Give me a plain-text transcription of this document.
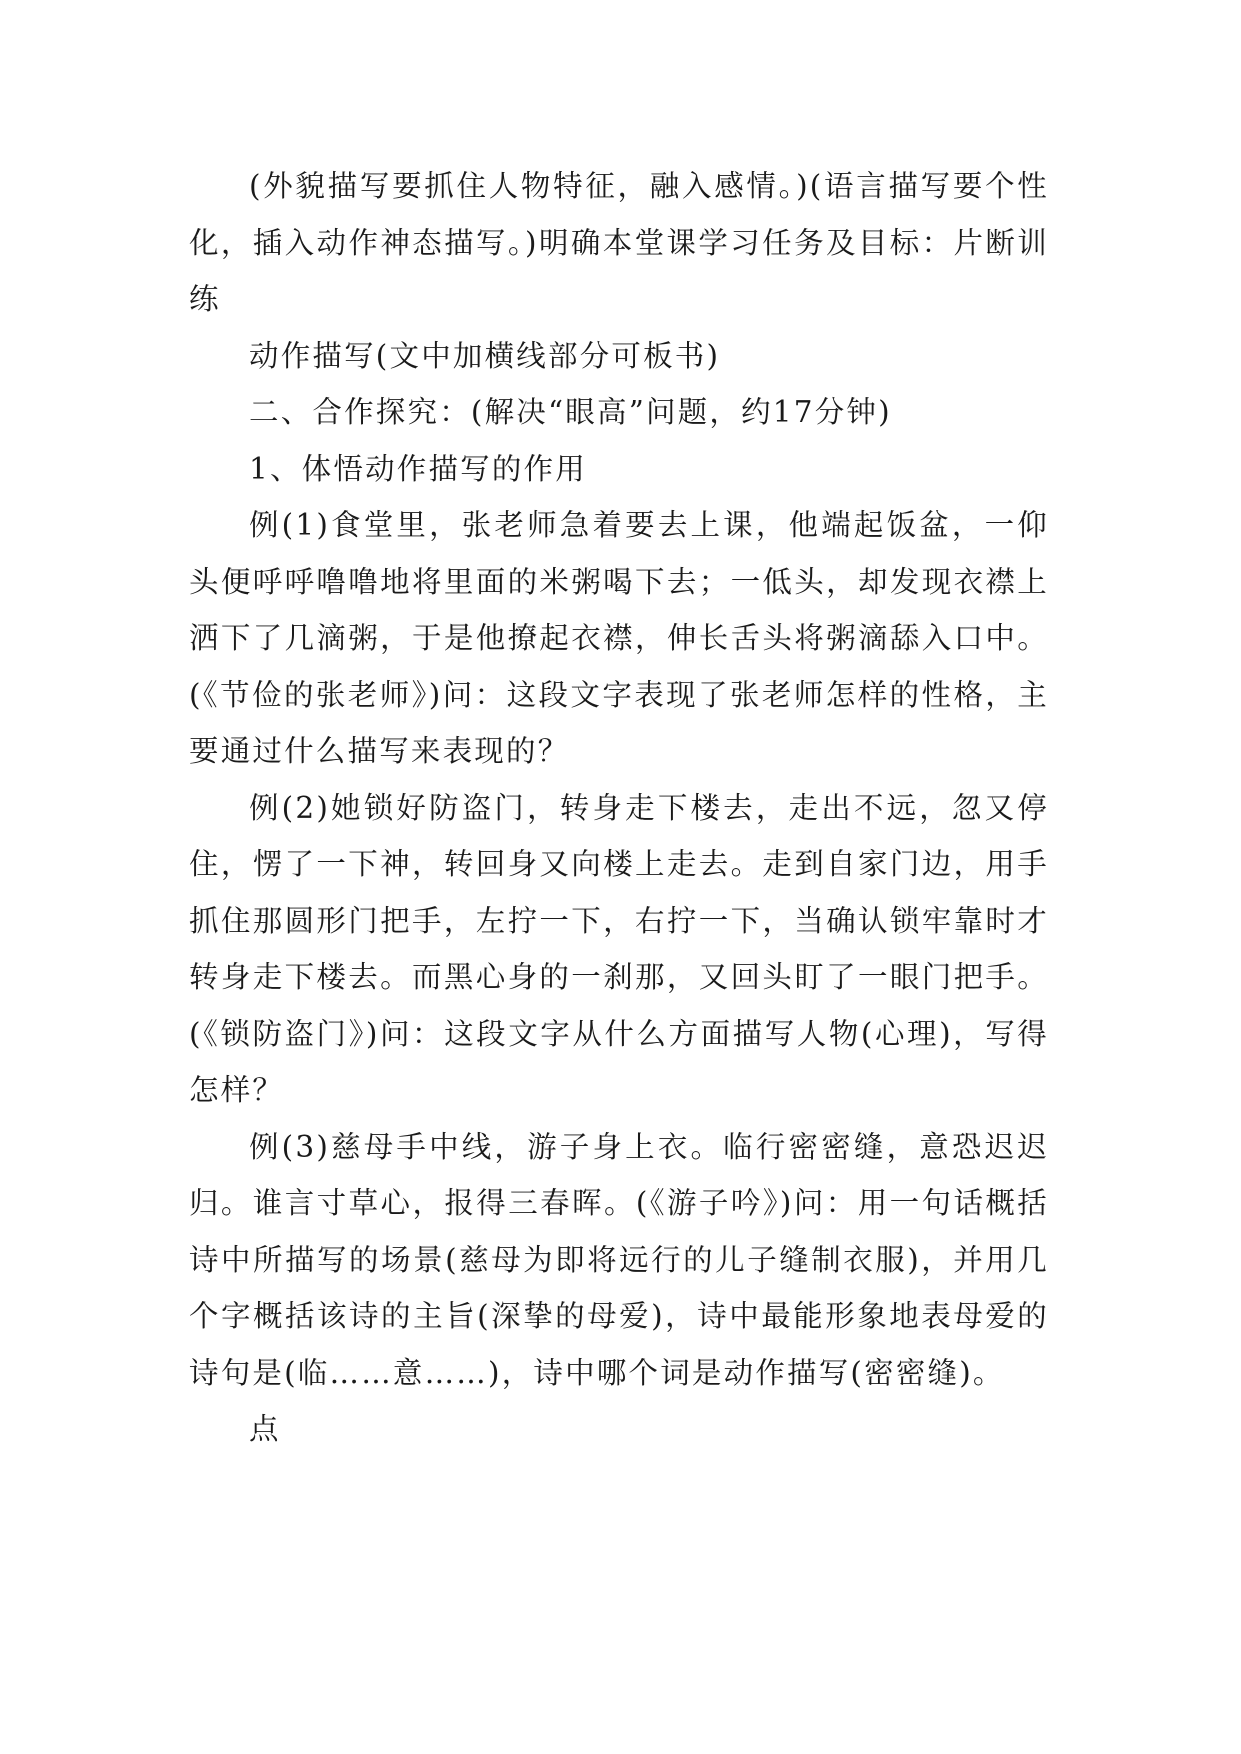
(外貌描写要抓住人物特征，融入感情。)(语言描写要个性化，插入动作神态描写。)明确本堂课学习任务及目标：片断训练

动作描写(文中加横线部分可板书)

二、合作探究：(解决“眼高”问题，约17分钟)

1、体悟动作描写的作用

例(1)食堂里，张老师急着要去上课，他端起饭盆，一仰头便呼呼噜噜地将里面的米粥喝下去；一低头，却发现衣襟上洒下了几滴粥，于是他撩起衣襟，伸长舌头将粥滴舔入口中。(《节俭的张老师》)问：这段文字表现了张老师怎样的性格，主要通过什么描写来表现的？

例(2)她锁好防盗门，转身走下楼去，走出不远，忽又停住，愣了一下神，转回身又向楼上走去。走到自家门边，用手抓住那圆形门把手，左拧一下，右拧一下，当确认锁牢靠时才转身走下楼去。而黑心身的一刹那，又回头盯了一眼门把手。(《锁防盗门》)问：这段文字从什么方面描写人物(心理)，写得怎样？

例(3)慈母手中线，游子身上衣。临行密密缝，意恐迟迟归。谁言寸草心，报得三春晖。(《游子吟》)问：用一句话概括诗中所描写的场景(慈母为即将远行的儿子缝制衣服)，并用几个字概括该诗的主旨(深挚的母爱)，诗中最能形象地表母爱的诗句是(临……意……)，诗中哪个词是动作描写(密密缝)。

点
